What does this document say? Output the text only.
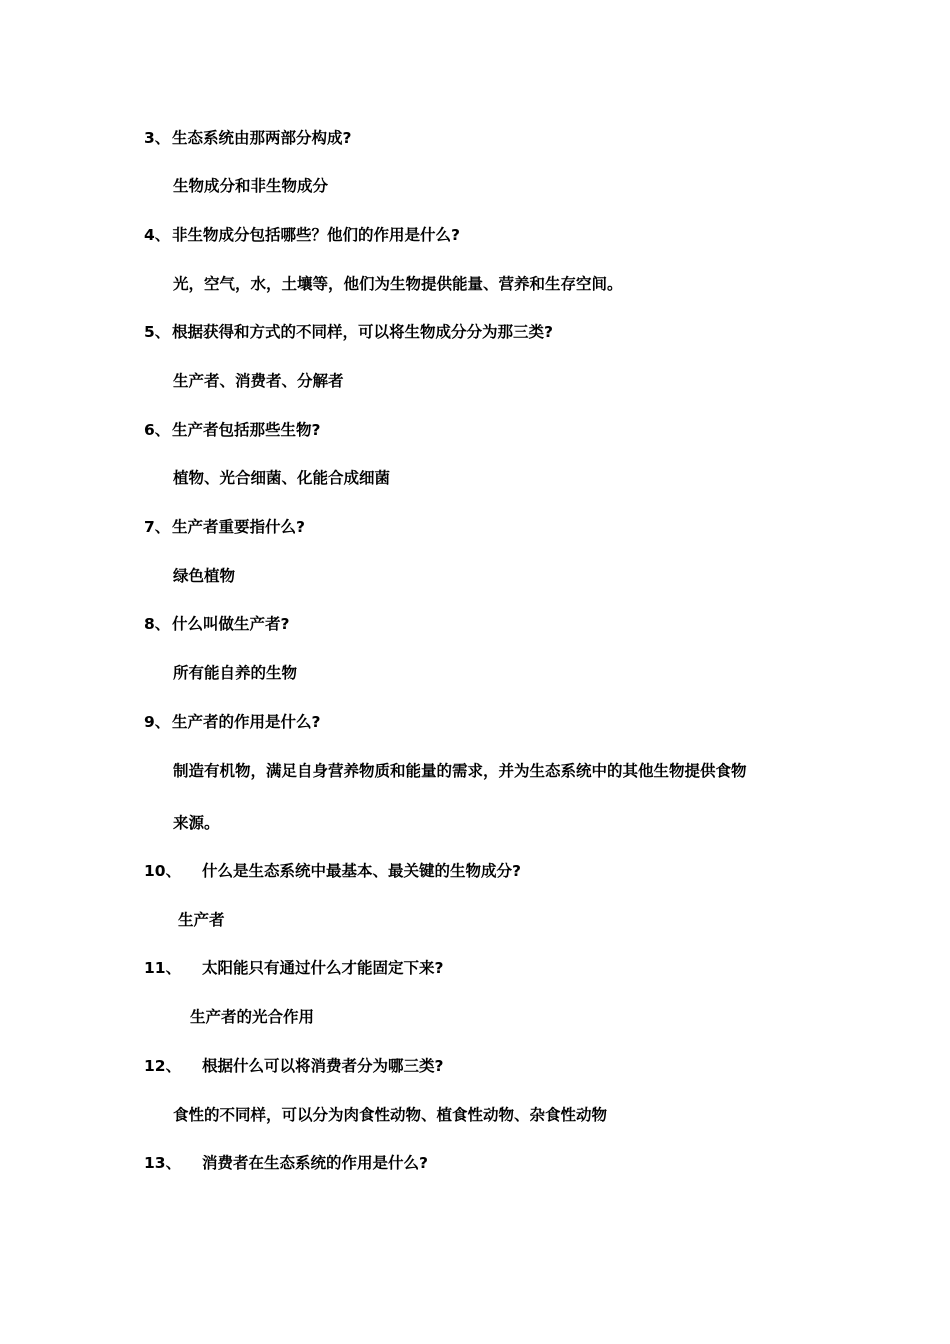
3、 生态系统由那两部分构成?
生物成分和非生物成分
4、 非生物成分包括哪些？他们的作用是什么?
光，空气，水，土壤等，他们为生物提供能量、营养和生存空间。
5、 根据获得和方式的不同样，可以将生物成分分为那三类?
生产者、消费者、分解者
6、 生产者包括那些生物?
植物、光合细菌、化能合成细菌
7、 生产者重要指什么?
绿色植物
8、 什么叫做生产者?
所有能自养的生物
9、 生产者的作用是什么?
制造有机物，满足自身营养物质和能量的需求，并为生态系统中的其他生物提供食物
来源。
10、 什么是生态系统中最基本、最关键的生物成分?
生产者
11、 太阳能只有通过什么才能固定下来?
生产者的光合作用
12、 根据什么可以将消费者分为哪三类?
食性的不同样，可以分为肉食性动物、植食性动物、杂食性动物
13、 消费者在生态系统的作用是什么?
